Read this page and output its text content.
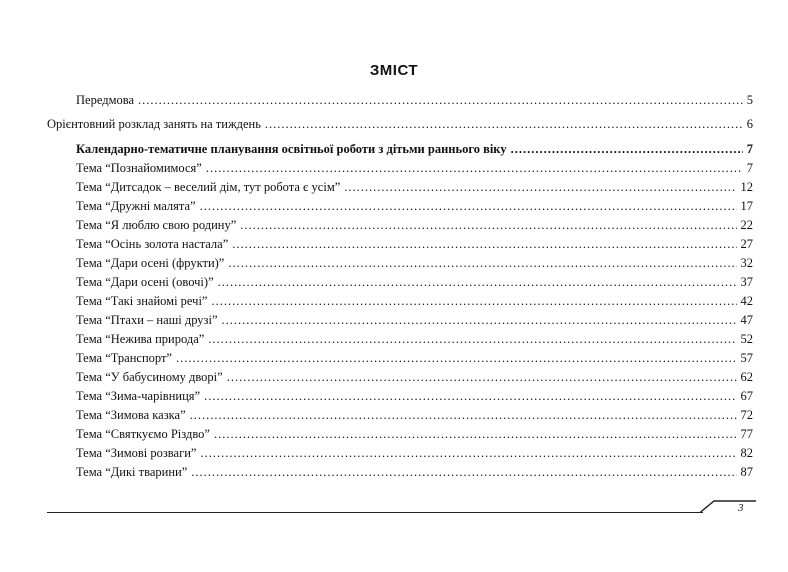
ЗМІСТ
Передмова .....	5
Орієнтовний розклад занять на тиждень .....	6
Календарно-тематичне планування освітньої роботи з дітьми раннього віку .....	7
Тема “Познайомимося” .....	7
Тема “Дитсадок – веселий дім, тут робота є усім” .....	12
Тема “Дружні малята” .....	17
Тема “Я люблю свою родину” .....	22
Тема “Осінь золота настала” .....	27
Тема “Дари осені (фрукти)” .....	32
Тема “Дари осені (овочі)” .....	37
Тема “Такі знайомі речі” .....	42
Тема “Птахи – наші друзі” .....	47
Тема “Нежива природа” .....	52
Тема “Транспорт” .....	57
Тема “У бабусиному дворі” .....	62
Тема “Зима-чарівниця” .....	67
Тема “Зимова казка” .....	72
Тема “Святкуємо Різдво” .....	77
Тема “Зимові розваги” .....	82
Тема “Дикі тварини” .....	87
3
